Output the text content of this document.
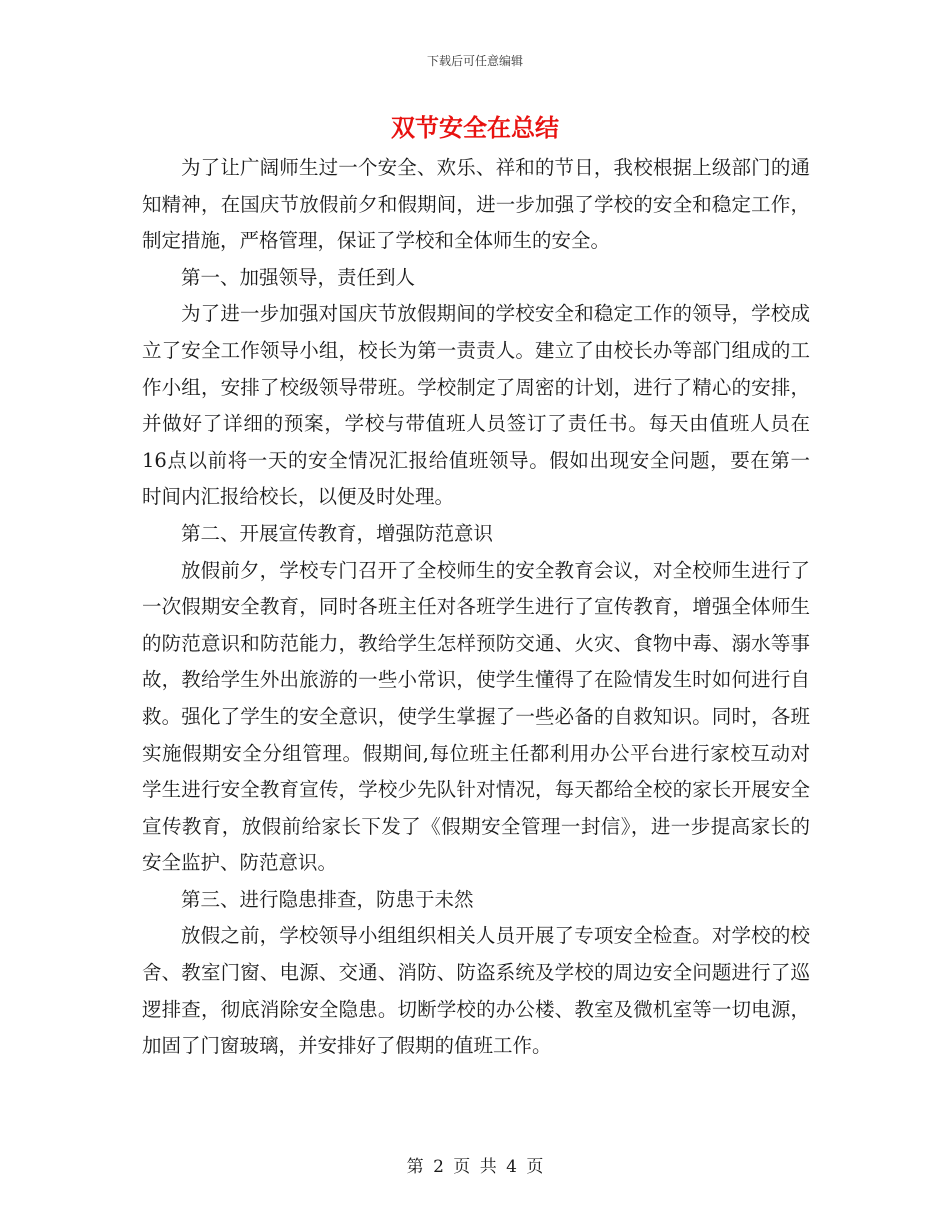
下载后可任意编辑
双节安全在总结

为了让广阔师生过一个安全、欢乐、祥和的节日，我校根据上级部门的通知精神，在国庆节放假前夕和假期间，进一步加强了学校的安全和稳定工作，制定措施，严格管理，保证了学校和全体师生的安全。

第一、加强领导，责任到人

为了进一步加强对国庆节放假期间的学校安全和稳定工作的领导，学校成立了安全工作领导小组，校长为第一责责人。建立了由校长办等部门组成的工作小组，安排了校级领导带班。学校制定了周密的计划，进行了精心的安排，并做好了详细的预案，学校与带值班人员签订了责任书。每天由值班人员在16点以前将一天的安全情况汇报给值班领导。假如出现安全问题，要在第一时间内汇报给校长，以便及时处理。

第二、开展宣传教育，增强防范意识

放假前夕，学校专门召开了全校师生的安全教育会议，对全校师生进行了一次假期安全教育，同时各班主任对各班学生进行了宣传教育，增强全体师生的防范意识和防范能力，教给学生怎样预防交通、火灾、食物中毒、溺水等事故，教给学生外出旅游的一些小常识，使学生懂得了在险情发生时如何进行自救。强化了学生的安全意识，使学生掌握了一些必备的自救知识。同时，各班实施假期安全分组管理。假期间,每位班主任都利用办公平台进行家校互动对学生进行安全教育宣传，学校少先队针对情况，每天都给全校的家长开展安全宣传教育，放假前给家长下发了《假期安全管理一封信》，进一步提高家长的安全监护、防范意识。

第三、进行隐患排查，防患于未然

放假之前，学校领导小组组织相关人员开展了专项安全检查。对学校的校舍、教室门窗、电源、交通、消防、防盗系统及学校的周边安全问题进行了巡逻排查，彻底消除安全隐患。切断学校的办公楼、教室及微机室等一切电源，加固了门窗玻璃，并安排好了假期的值班工作。

第 2 页 共 4 页
